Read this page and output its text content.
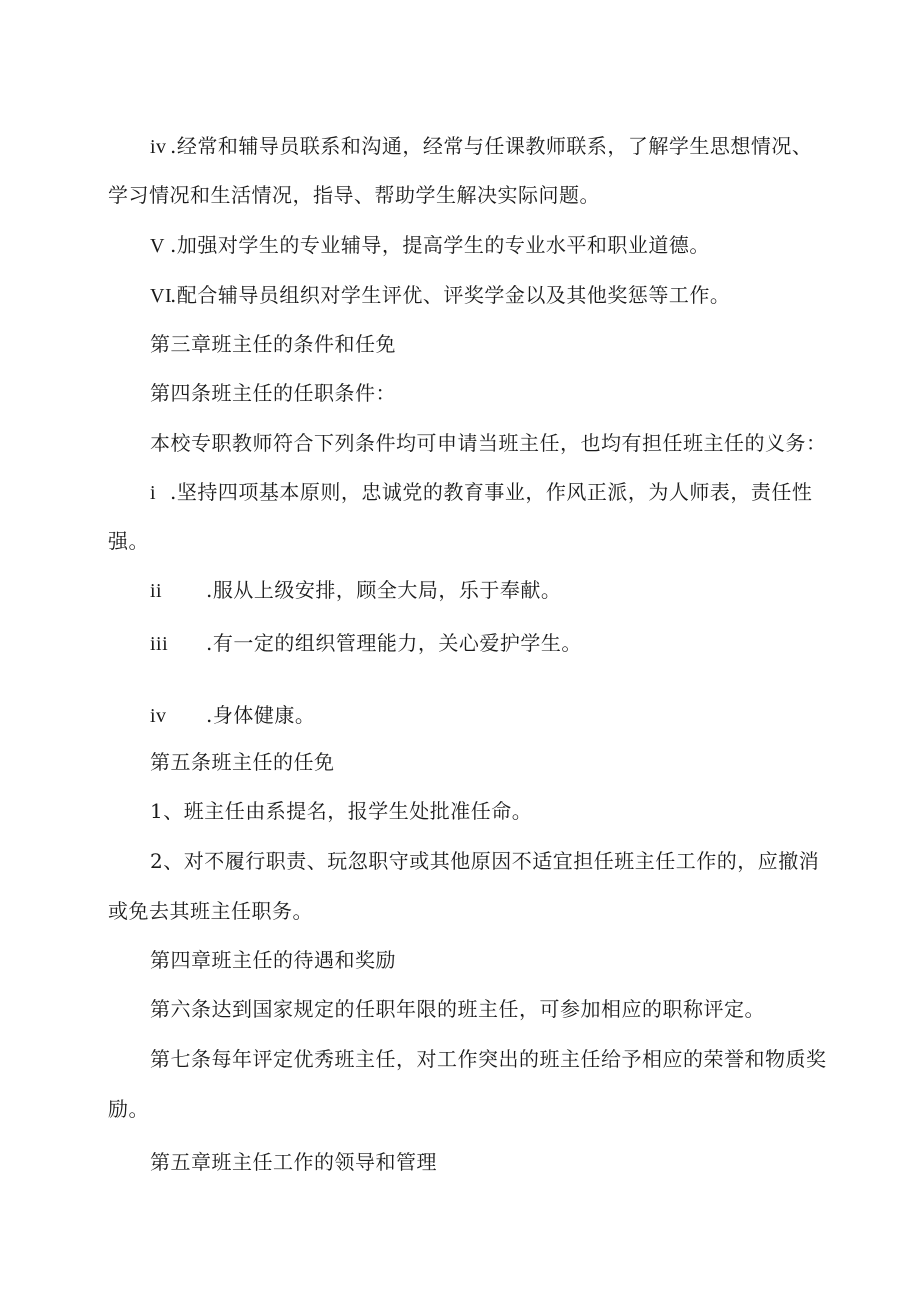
iv .经常和辅导员联系和沟通，经常与任课教师联系，了解学生思想情况、
学习情况和生活情况，指导、帮助学生解决实际问题。
V .加强对学生的专业辅导，提高学生的专业水平和职业道德。
VI.配合辅导员组织对学生评优、评奖学金以及其他奖惩等工作。
第三章班主任的条件和任免
第四条班主任的任职条件：
本校专职教师符合下列条件均可申请当班主任，也均有担任班主任的义务：
i .坚持四项基本原则，忠诚党的教育事业，作风正派，为人师表，责任性
强。
ii .服从上级安排，顾全大局，乐于奉献。
iii .有一定的组织管理能力，关心爱护学生。
iv .身体健康。
第五条班主任的任免
1、班主任由系提名，报学生处批准任命。
2、对不履行职责、玩忽职守或其他原因不适宜担任班主任工作的，应撤消
或免去其班主任职务。
第四章班主任的待遇和奖励
第六条达到国家规定的任职年限的班主任，可参加相应的职称评定。
第七条每年评定优秀班主任，对工作突出的班主任给予相应的荣誉和物质奖
励。
第五章班主任工作的领导和管理
